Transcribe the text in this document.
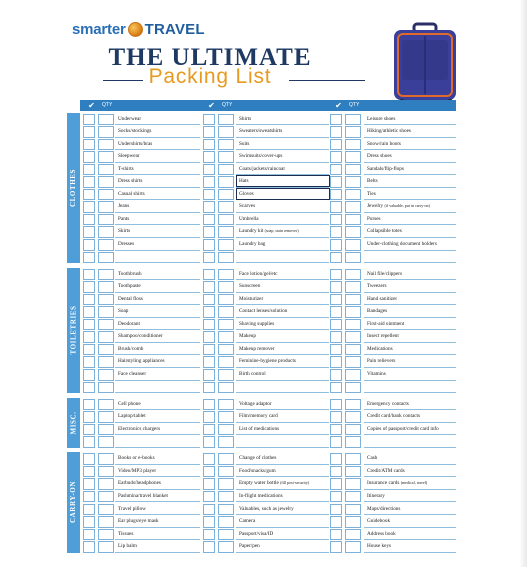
smarter TRAVEL
THE ULTIMATE
Packing List
✔	QTY	✔	QTY	✔	QTY
Underwear	Shirts	Leisure shoes
Socks/stockings	Sweaters/sweatshirts	Hiking/athletic shoes
Undershirts/bras	Suits	Snow/rain boots
Sleepwear	Swimsuits/cover-ups	Dress shoes
T-shirts	Coats/jackets/raincoat	Sandals/flip-flops
Dress shirts	Hats	Belts
Casual shirts	Gloves	Ties
Jeans	Scarves	Jewelry (if valuable, put in carry-on)
Pants	Umbrella	Purses
Skirts	Laundry kit (soap, stain remover)	Collapsible totes
Dresses	Laundry bag	Under-clothing document holders
CLOTHES
Toothbrush	Face lotion/gel/etc	Nail file/clippers
Toothpaste	Sunscreen	Tweezers
Dental floss	Moisturizer	Hand sanitizer
Soap	Contact lenses/solution	Bandages
Deodorant	Shaving supplies	First-aid ointment
Shampoo/conditioner	Makeup	Insect repellent
Brush/comb	Makeup remover	Medications
Hairstyling appliances	Feminine-hygiene products	Pain relievers
Face cleanser	Birth control	Vitamins
TOILETRIES
Cell phone	Voltage adaptor	Emergency contacts
Laptop/tablet	Film/memory card	Credit card/bank contacts
Electronics chargers	List of medications	Copies of passport/credit card info
MISC.
Books or e-books	Change of clothes	Cash
Video/MP3 player	Food/snacks/gum	Credit/ATM cards
Earbuds/headphones	Empty water bottle (fill post-security)	Insurance cards (medical, travel)
Pashmina/travel blanket	In-flight medications	Itinerary
Travel pillow	Valuables, such as jewelry	Maps/directions
Ear plugs/eye mask	Camera	Guidebook
Tissues	Passport/visa/ID	Address book
Lip balm	Paper/pen	House keys
CARRY-ON
